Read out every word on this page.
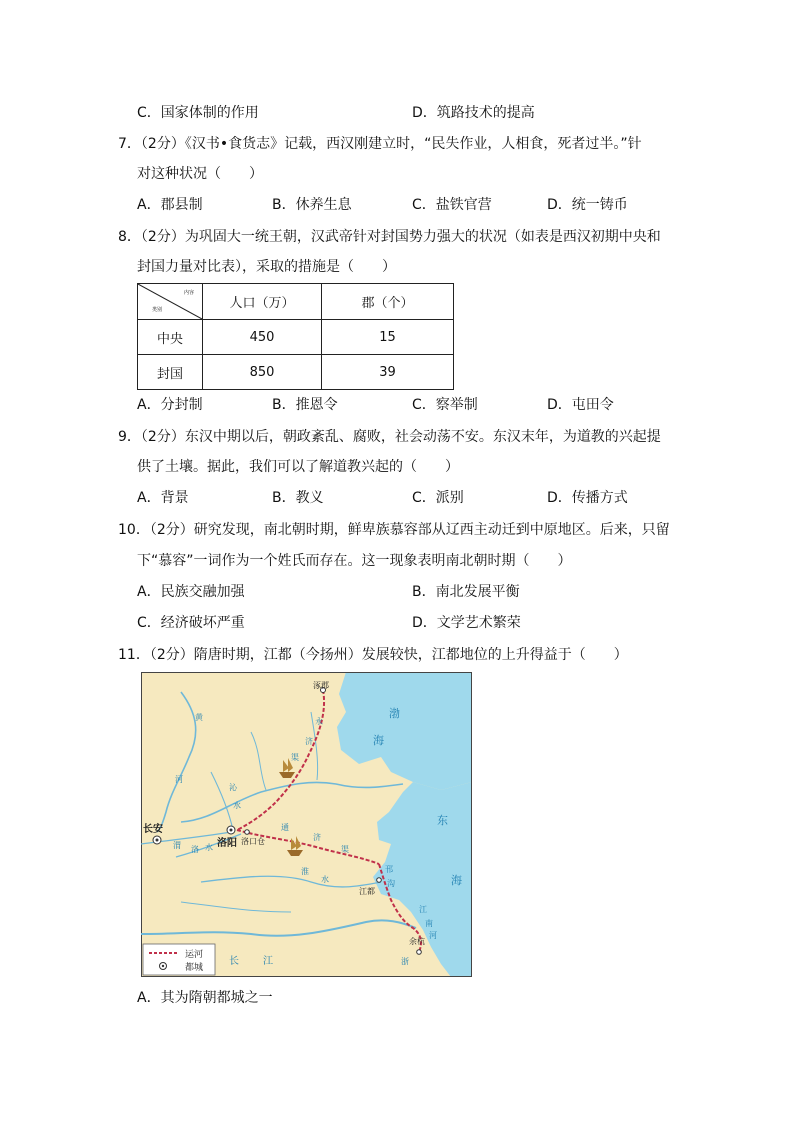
C．国家体制的作用	D．筑路技术的提高
7．（2分）《汉书•食货志》记载，西汉刚建立时，“民失作业，人相食，死者过半。”针
对这种状况（　　）
A．郡县制	B．休养生息	C．盐铁官营	D．统一铸币
8．（2分）为巩固大一统王朝，汉武帝针对封国势力强大的状况（如表是西汉初期中央和
封国力量对比表），采取的措施是（　　）
内容
类别	人口（万）	郡（个）
中央	450	15
封国	850	39
A．分封制	B．推恩令	C．察举制	D．屯田令
9．（2分）东汉中期以后，朝政紊乱、腐败，社会动荡不安。东汉末年，为道教的兴起提
供了土壤。据此，我们可以了解道教兴起的（　　）
A．背景	B．教义	C．派别	D．传播方式
10．（2分）研究发现，南北朝时期，鲜卑族慕容部从辽西主动迁到中原地区。后来，只留
下“慕容”一词作为一个姓氏而存在。这一现象表明南北朝时期（　　）
A．民族交融加强	B．南北发展平衡
C．经济破坏严重	D．文学艺术繁荣
11．（2分）隋唐时期，江都（今扬州）发展较快，江都地位的上升得益于（　　）
涿郡
长安
洛阳 洛口仓
江都
余杭
渤
海
东
海
黄
河
永
济
渠
沁
水
通
济
渠
洛 水
淮
水
邗
沟
江
南
河
长 江
渭
浙
运河
都城
A．其为隋朝都城之一
